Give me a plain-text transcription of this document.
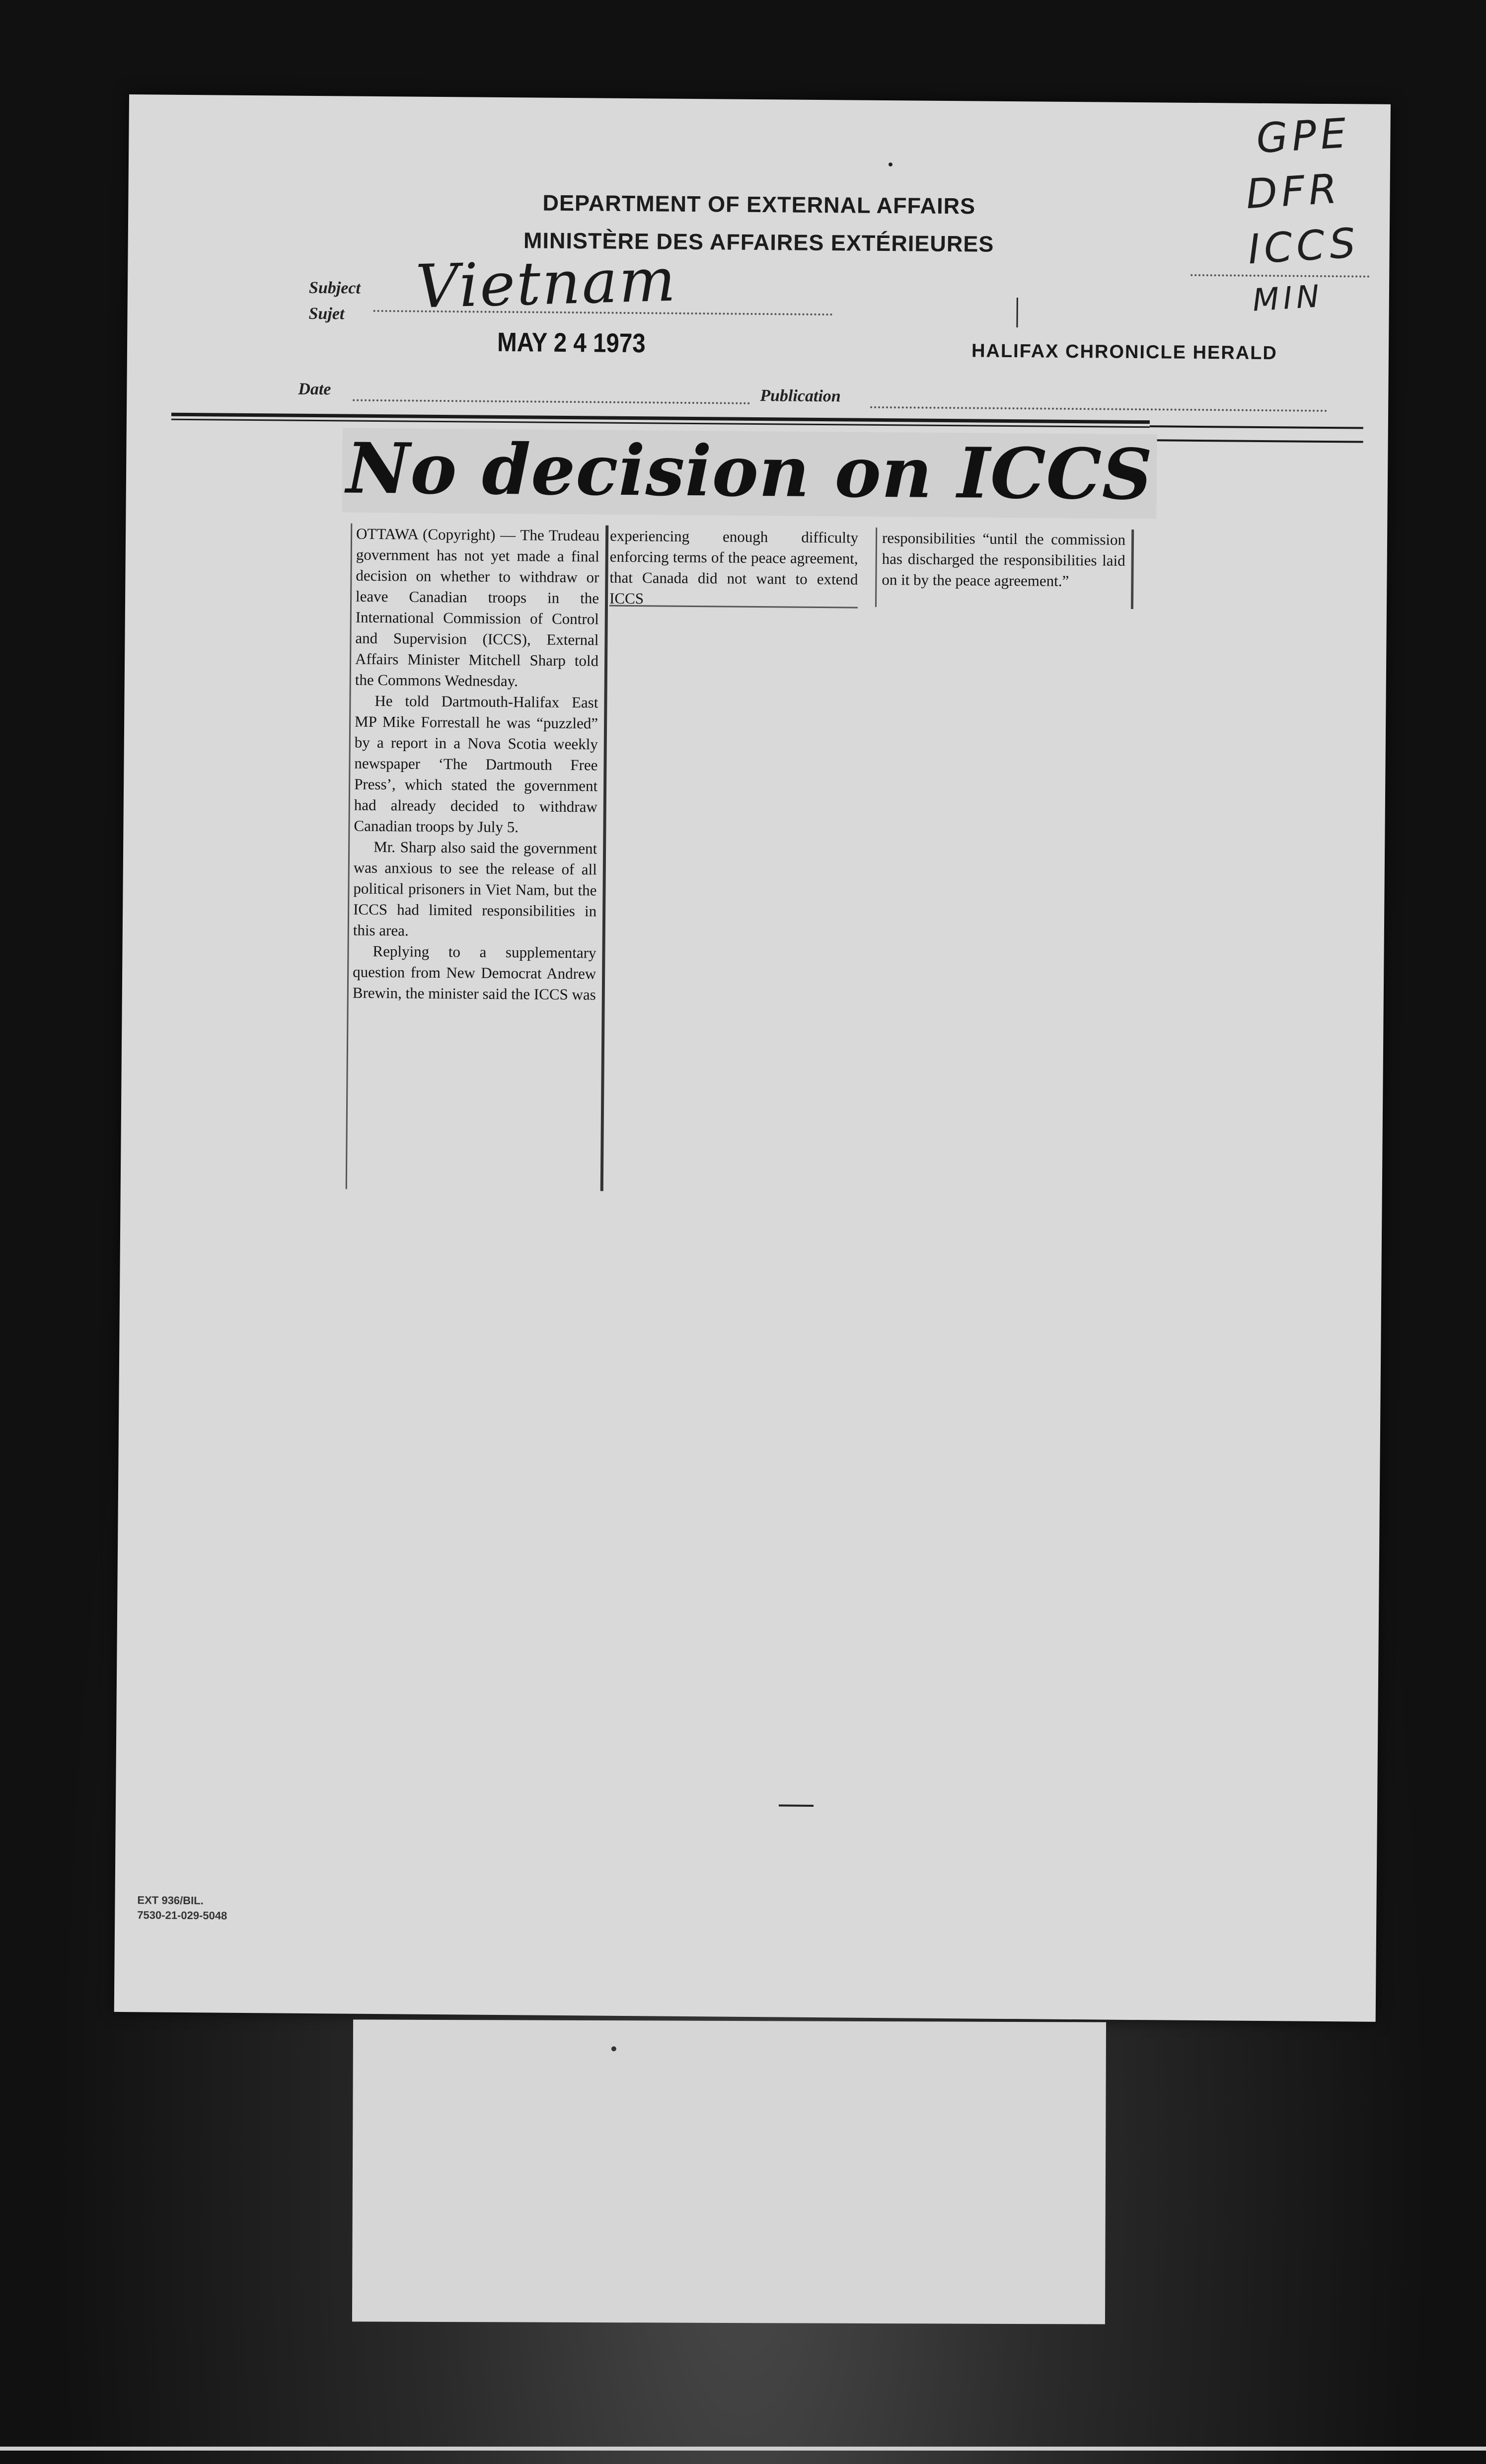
DEPARTMENT OF EXTERNAL AFFAIRS
MINISTÈRE DES AFFAIRES EXTÉRIEURES
Subject
Sujet Vietnam
MAY 2 4 1973	HALIFAX CHRONICLE HERALD
Date	Publication
GPE
DFR
ICCS
MIN
No decision on ICCS

OTTAWA (Copyright) — The Trudeau government has not yet made a final decision on whether to withdraw or leave Canadian troops in the International Commission of Control and Supervision (ICCS), External Affairs Minister Mitchell Sharp told the Commons Wednesday.

He told Dartmouth-Halifax East MP Mike Forrestall he was “puzzled” by a report in a Nova Scotia weekly newspaper ‘The Dartmouth Free Press’, which stated the government had already decided to withdraw Canadian troops by July 5.

Mr. Sharp also said the government was anxious to see the release of all political prisoners in Viet Nam, but the ICCS had limited responsibilities in this area.

Replying to a supplementary question from New Democrat Andrew Brewin, the minister said the ICCS was

experiencing enough difficulty enforcing terms of the peace agreement, that Canada did not want to extend ICCS

responsibilities “until the commission has discharged the responsibilities laid on it by the peace agreement.”

EXT 936/BIL.
7530-21-029-5048
